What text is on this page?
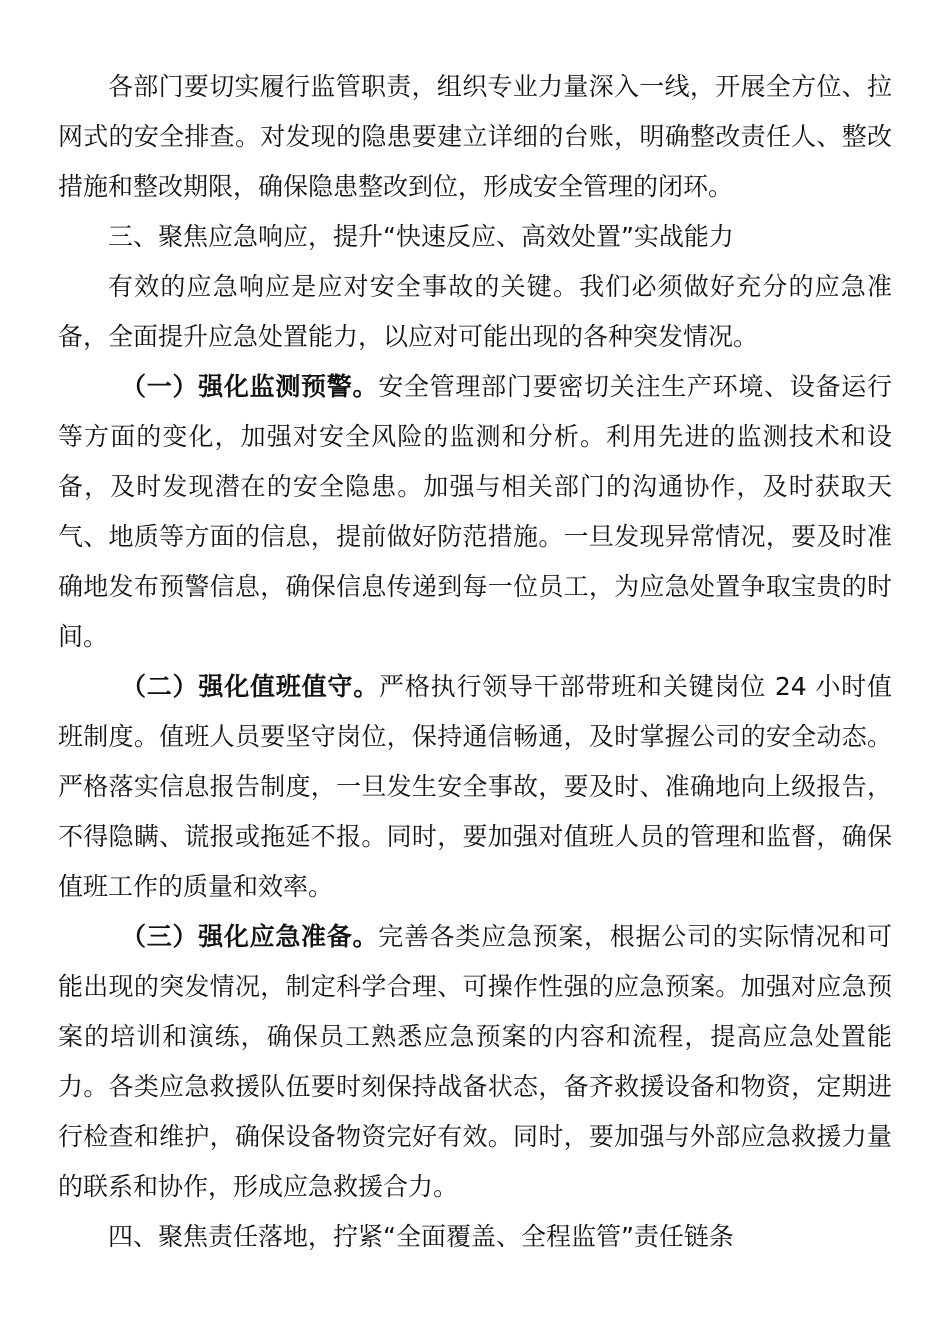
各部门要切实履行监管职责，组织专业力量深入一线，开展全方位、拉网式的安全排查。对发现的隐患要建立详细的台账，明确整改责任人、整改措施和整改期限，确保隐患整改到位，形成安全管理的闭环。

三、聚焦应急响应，提升“快速反应、高效处置”实战能力

有效的应急响应是应对安全事故的关键。我们必须做好充分的应急准备，全面提升应急处置能力，以应对可能出现的各种突发情况。

（一）强化监测预警。安全管理部门要密切关注生产环境、设备运行等方面的变化，加强对安全风险的监测和分析。利用先进的监测技术和设备，及时发现潜在的安全隐患。加强与相关部门的沟通协作，及时获取天气、地质等方面的信息，提前做好防范措施。一旦发现异常情况，要及时准确地发布预警信息，确保信息传递到每一位员工，为应急处置争取宝贵的时间。

（二）强化值班值守。严格执行领导干部带班和关键岗位 24 小时值班制度。值班人员要坚守岗位，保持通信畅通，及时掌握公司的安全动态。严格落实信息报告制度，一旦发生安全事故，要及时、准确地向上级报告，不得隐瞒、谎报或拖延不报。同时，要加强对值班人员的管理和监督，确保值班工作的质量和效率。

（三）强化应急准备。完善各类应急预案，根据公司的实际情况和可能出现的突发情况，制定科学合理、可操作性强的应急预案。加强对应急预案的培训和演练，确保员工熟悉应急预案的内容和流程，提高应急处置能力。各类应急救援队伍要时刻保持战备状态，备齐救援设备和物资，定期进行检查和维护，确保设备物资完好有效。同时，要加强与外部应急救援力量的联系和协作，形成应急救援合力。

四、聚焦责任落地，拧紧“全面覆盖、全程监管”责任链条
